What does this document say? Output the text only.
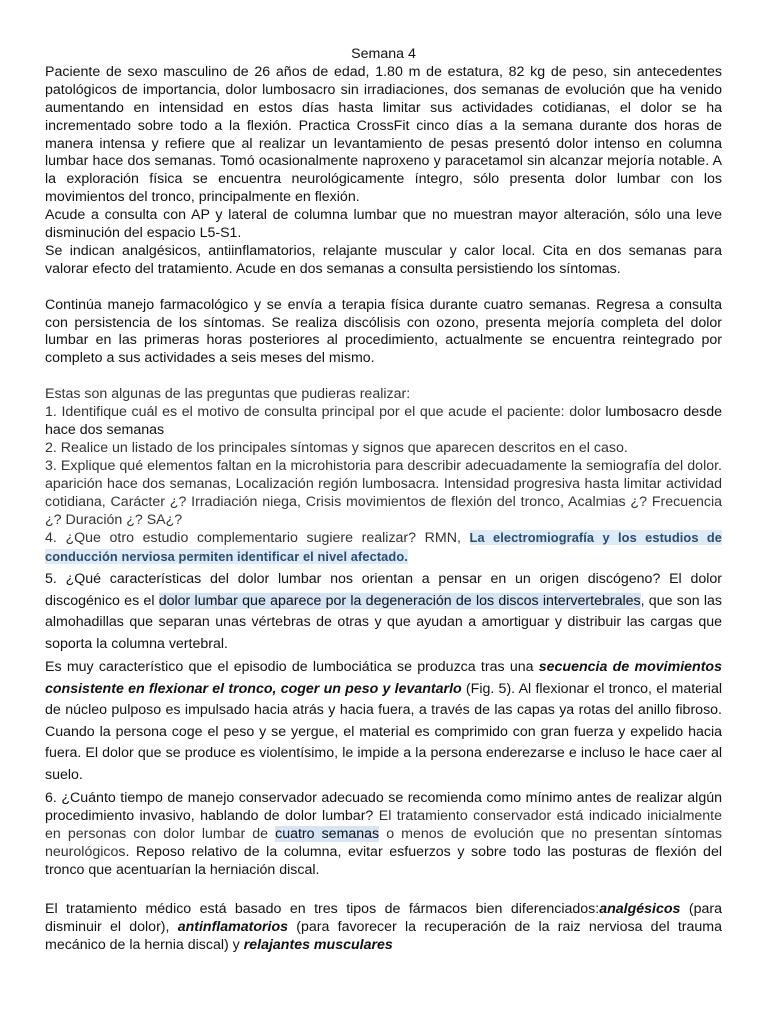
Semana 4

Paciente de sexo masculino de 26 años de edad, 1.80 m de estatura, 82 kg de peso, sin antecedentes patológicos de importancia, dolor lumbosacro sin irradiaciones, dos semanas de evolución que ha venido aumentando en intensidad en estos días hasta limitar sus actividades cotidianas, el dolor se ha incrementado sobre todo a la flexión. Practica CrossFit cinco días a la semana durante dos horas de manera intensa y refiere que al realizar un levantamiento de pesas presentó dolor intenso en columna lumbar hace dos semanas. Tomó ocasionalmente naproxeno y paracetamol sin alcanzar mejoría notable. A la exploración física se encuentra neurológicamente íntegro, sólo presenta dolor lumbar con los movimientos del tronco, principalmente en flexión.

Acude a consulta con AP y lateral de columna lumbar que no muestran mayor alteración, sólo una leve disminución del espacio L5-S1.

Se indican analgésicos, antiinflamatorios, relajante muscular y calor local. Cita en dos semanas para valorar efecto del tratamiento. Acude en dos semanas a consulta persistiendo los síntomas.

Continúa manejo farmacológico y se envía a terapia física durante cuatro semanas. Regresa a consulta con persistencia de los síntomas. Se realiza discólisis con ozono, presenta mejoría completa del dolor lumbar en las primeras horas posteriores al procedimiento, actualmente se encuentra reintegrado por completo a sus actividades a seis meses del mismo.

Estas son algunas de las preguntas que pudieras realizar:

1. Identifique cuál es el motivo de consulta principal por el que acude el paciente: dolor lumbosacro desde hace dos semanas

2. Realice un listado de los principales síntomas y signos que aparecen descritos en el caso.

3. Explique qué elementos faltan en la microhistoria para describir adecuadamente la semiografía del dolor. aparición hace dos semanas, Localización región lumbosacra. Intensidad progresiva hasta limitar actividad cotidiana, Carácter ¿? Irradiación niega, Crisis movimientos de flexión del tronco, Acalmias ¿? Frecuencia ¿? Duración ¿? SA¿?

4. ¿Que otro estudio complementario sugiere realizar? RMN, La electromiografía y los estudios de conducción nerviosa permiten identificar el nivel afectado.

5. ¿Qué características del dolor lumbar nos orientan a pensar en un origen discógeno? El dolor discogénico es el dolor lumbar que aparece por la degeneración de los discos intervertebrales, que son las almohadillas que separan unas vértebras de otras y que ayudan a amortiguar y distribuir las cargas que soporta la columna vertebral.

Es muy característico que el episodio de lumbociática se produzca tras una secuencia de movimientos consistente en flexionar el tronco, coger un peso y levantarlo (Fig. 5). Al flexionar el tronco, el material de núcleo pulposo es impulsado hacia atrás y hacia fuera, a través de las capas ya rotas del anillo fibroso. Cuando la persona coge el peso y se yergue, el material es comprimido con gran fuerza y expelido hacia fuera. El dolor que se produce es violentísimo, le impide a la persona enderezarse e incluso le hace caer al suelo.

6. ¿Cuánto tiempo de manejo conservador adecuado se recomienda como mínimo antes de realizar algún procedimiento invasivo, hablando de dolor lumbar? El tratamiento conservador está indicado inicialmente en personas con dolor lumbar de cuatro semanas o menos de evolución que no presentan síntomas neurológicos. Reposo relativo de la columna, evitar esfuerzos y sobre todo las posturas de flexión del tronco que acentuarían la herniación discal.

El tratamiento médico está basado en tres tipos de fármacos bien diferenciados:analgésicos (para disminuir el dolor), antinflamatorios (para favorecer la recuperación de la raiz nerviosa del trauma mecánico de la hernia discal) y relajantes musculares
